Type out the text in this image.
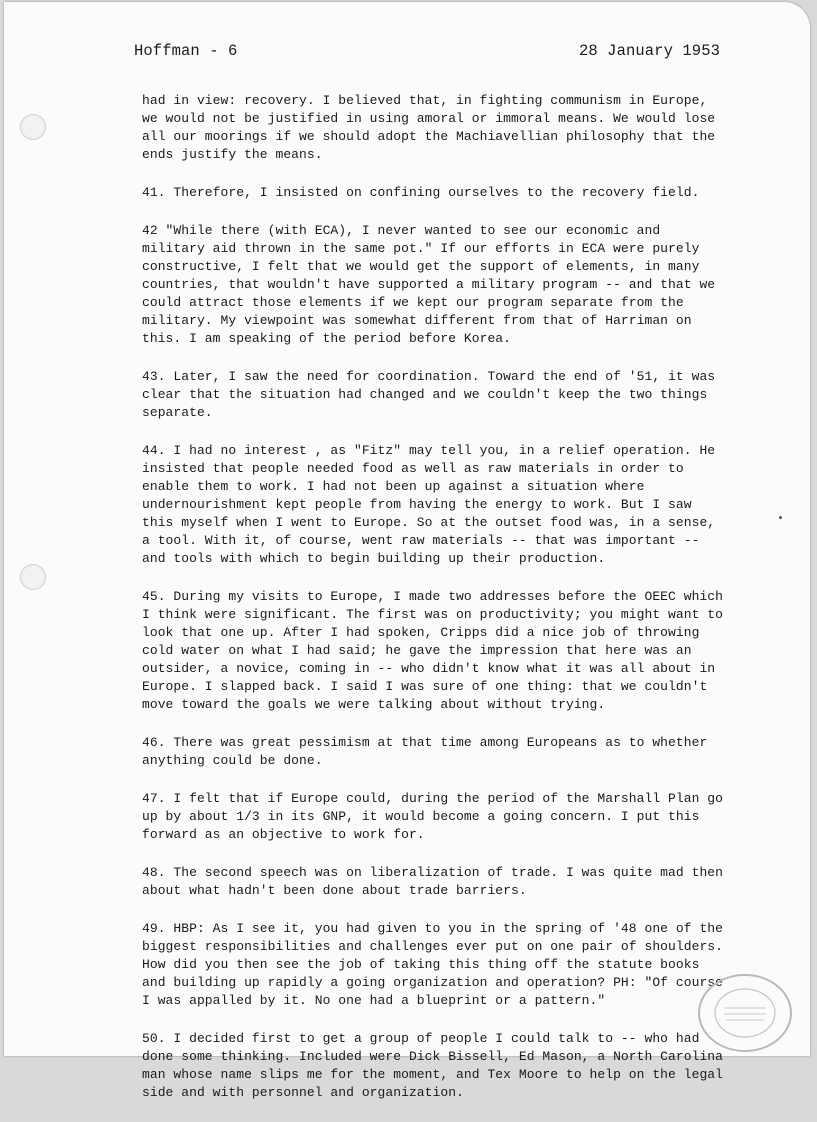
Hoffman - 6	28 January 1953

had in view: recovery. I believed that, in fighting communism in Europe, we would not be justified in using amoral or immoral means. We would lose all our moorings if we should adopt the Machiavellian philosophy that the ends justify the means.

41. Therefore, I insisted on confining ourselves to the recovery field.

42 "While there (with ECA), I never wanted to see our economic and military aid thrown in the same pot." If our efforts in ECA were purely constructive, I felt that we would get the support of elements, in many countries, that wouldn't have supported a military program -- and that we could attract those elements if we kept our program separate from the military. My viewpoint was somewhat different from that of Harriman on this. I am speaking of the period before Korea.

43. Later, I saw the need for coordination. Toward the end of '51, it was clear that the situation had changed and we couldn't keep the two things separate.

44. I had no interest , as "Fitz" may tell you, in a relief operation. He insisted that people needed food as well as raw materials in order to enable them to work. I had not been up against a situation where undernourishment kept people from having the energy to work. But I saw this myself when I went to Europe. So at the outset food was, in a sense, a tool. With it, of course, went raw materials -- that was important -- and tools with which to begin building up their production.

45. During my visits to Europe, I made two addresses before the OEEC which I think were significant. The first was on productivity; you might want to look that one up. After I had spoken, Cripps did a nice job of throwing cold water on what I had said; he gave the impression that here was an outsider, a novice, coming in -- who didn't know what it was all about in Europe. I slapped back. I said I was sure of one thing: that we couldn't move toward the goals we were talking about without trying.

46. There was great pessimism at that time among Europeans as to whether anything could be done.

47. I felt that if Europe could, during the period of the Marshall Plan go up by about 1/3 in its GNP, it would become a going concern. I put this forward as an objective to work for.

48. The second speech was on liberalization of trade. I was quite mad then about what hadn't been done about trade barriers.

49. HBP: As I see it, you had given to you in the spring of '48 one of the biggest responsibilities and challenges ever put on one pair of shoulders. How did you then see the job of taking this thing off the statute books and building up rapidly a going organization and operation? PH: "Of course I was appalled by it. No one had a blueprint or a pattern."

50. I decided first to get a group of people I could talk to -- who had done some thinking. Included were Dick Bissell, Ed Mason, a North Carolina man whose name slips me for the moment, and Tex Moore to help on the legal side and with personnel and organization.
